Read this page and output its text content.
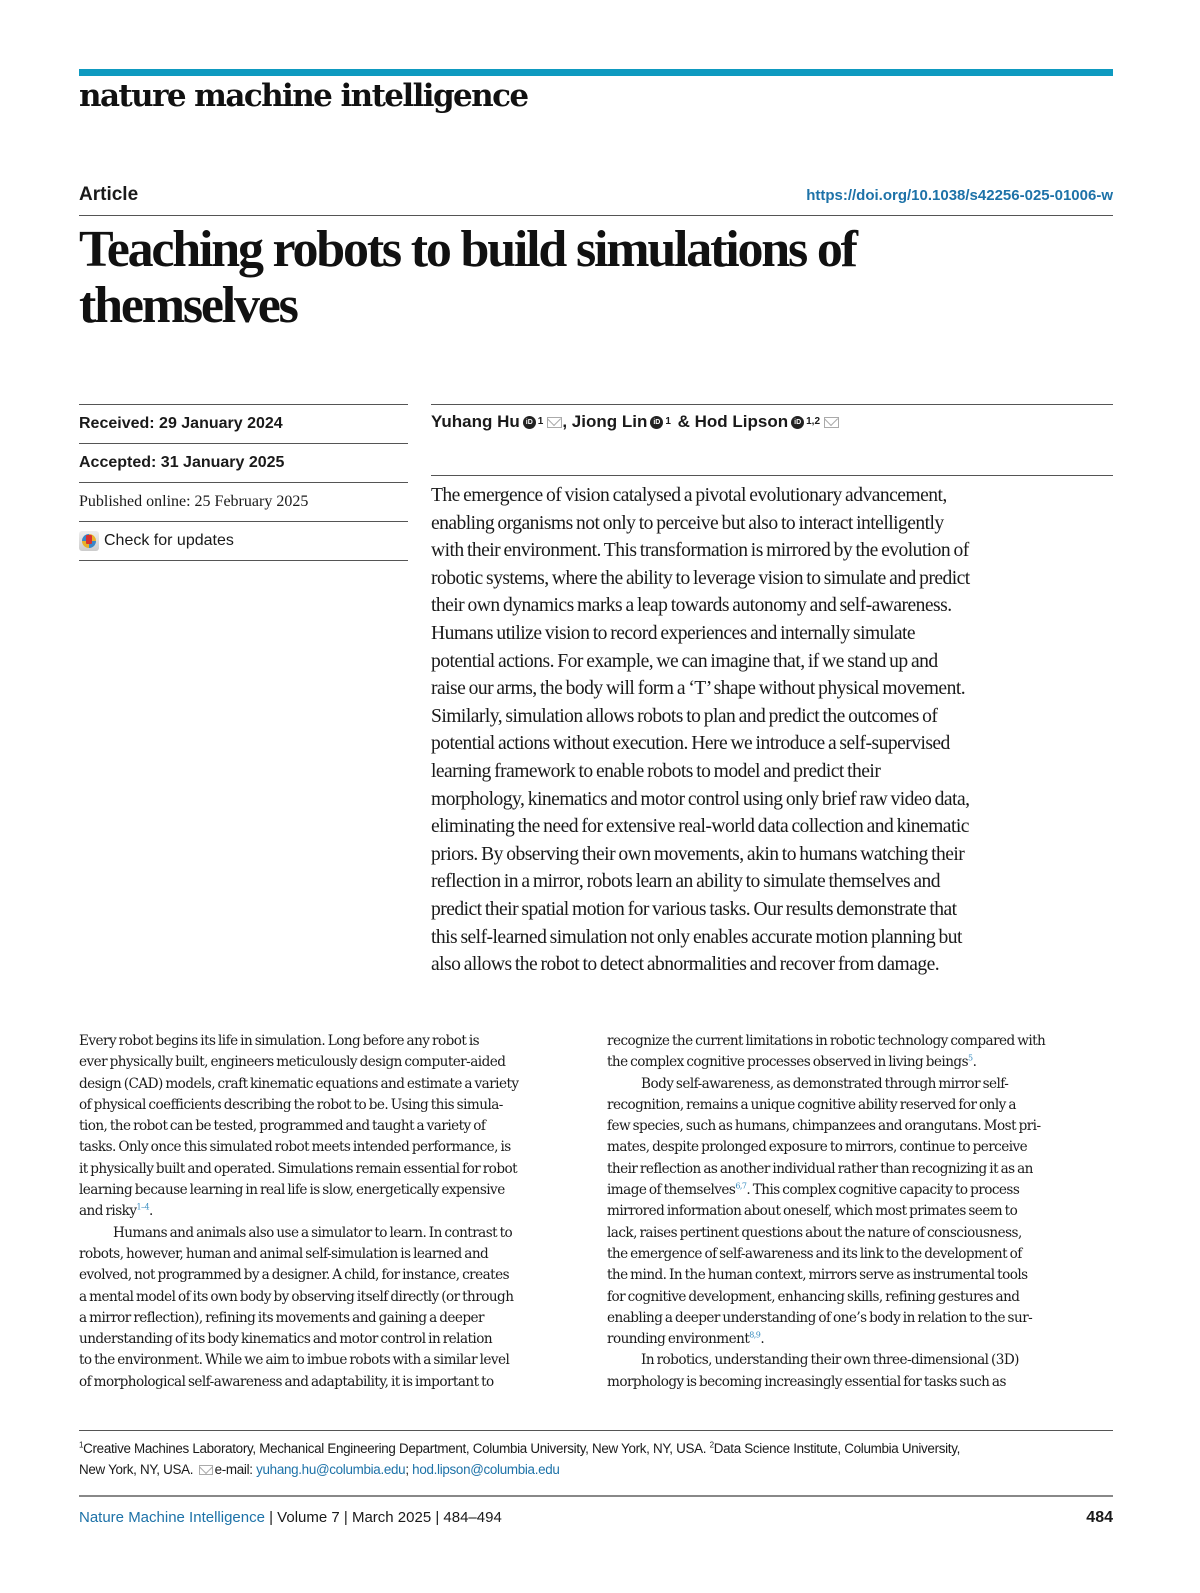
nature machine intelligence
Article	https://doi.org/10.1038/s42256-025-01006-w
Teaching robots to build simulations of
themselves
Received: 29 January 2024
Accepted: 31 January 2025
Published online: 25 February 2025
Check for updates
Yuhang Hu iD 1 , Jiong Lin iD 1 & Hod Lipson iD 1,2
The emergence of vision catalysed a pivotal evolutionary advancement,
enabling organisms not only to perceive but also to interact intelligently
with their environment. This transformation is mirrored by the evolution of
robotic systems, where the ability to leverage vision to simulate and predict
their own dynamics marks a leap towards autonomy and self-awareness.
Humans utilize vision to record experiences and internally simulate
potential actions. For example, we can imagine that, if we stand up and
raise our arms, the body will form a ‘T’ shape without physical movement.
Similarly, simulation allows robots to plan and predict the outcomes of
potential actions without execution. Here we introduce a self-supervised
learning framework to enable robots to model and predict their
morphology, kinematics and motor control using only brief raw video data,
eliminating the need for extensive real-world data collection and kinematic
priors. By observing their own movements, akin to humans watching their
reflection in a mirror, robots learn an ability to simulate themselves and
predict their spatial motion for various tasks. Our results demonstrate that
this self-learned simulation not only enables accurate motion planning but
also allows the robot to detect abnormalities and recover from damage.
Every robot begins its life in simulation. Long before any robot is
ever physically built, engineers meticulously design computer-aided
design (CAD) models, craft kinematic equations and estimate a variety
of physical coefficients describing the robot to be. Using this simula-
tion, the robot can be tested, programmed and taught a variety of
tasks. Only once this simulated robot meets intended performance, is
it physically built and operated. Simulations remain essential for robot
learning because learning in real life is slow, energetically expensive
and risky$^{1-4}$.
Humans and animals also use a simulator to learn. In contrast to
robots, however, human and animal self-simulation is learned and
evolved, not programmed by a designer. A child, for instance, creates
a mental model of its own body by observing itself directly (or through
a mirror reflection), refining its movements and gaining a deeper
understanding of its body kinematics and motor control in relation
to the environment. While we aim to imbue robots with a similar level
of morphological self-awareness and adaptability, it is important to
recognize the current limitations in robotic technology compared with
the complex cognitive processes observed in living beings$^5$.
Body self-awareness, as demonstrated through mirror self-
recognition, remains a unique cognitive ability reserved for only a
few species, such as humans, chimpanzees and orangutans. Most pri-
mates, despite prolonged exposure to mirrors, continue to perceive
their reflection as another individual rather than recognizing it as an
image of themselves$^{6,7}$. This complex cognitive capacity to process
mirrored information about oneself, which most primates seem to
lack, raises pertinent questions about the nature of consciousness,
the emergence of self-awareness and its link to the development of
the mind. In the human context, mirrors serve as instrumental tools
for cognitive development, enhancing skills, refining gestures and
enabling a deeper understanding of one’s body in relation to the sur-
rounding environment$^{8,9}$.
In robotics, understanding their own three-dimensional (3D)
morphology is becoming increasingly essential for tasks such as
$^1$Creative Machines Laboratory, Mechanical Engineering Department, Columbia University, New York, NY, USA. $^2$Data Science Institute, Columbia University,
New York, NY, USA. e-mail: yuhang.hu@columbia.edu; hod.lipson@columbia.edu
Nature Machine Intelligence | Volume 7 | March 2025 | 484–494	484
